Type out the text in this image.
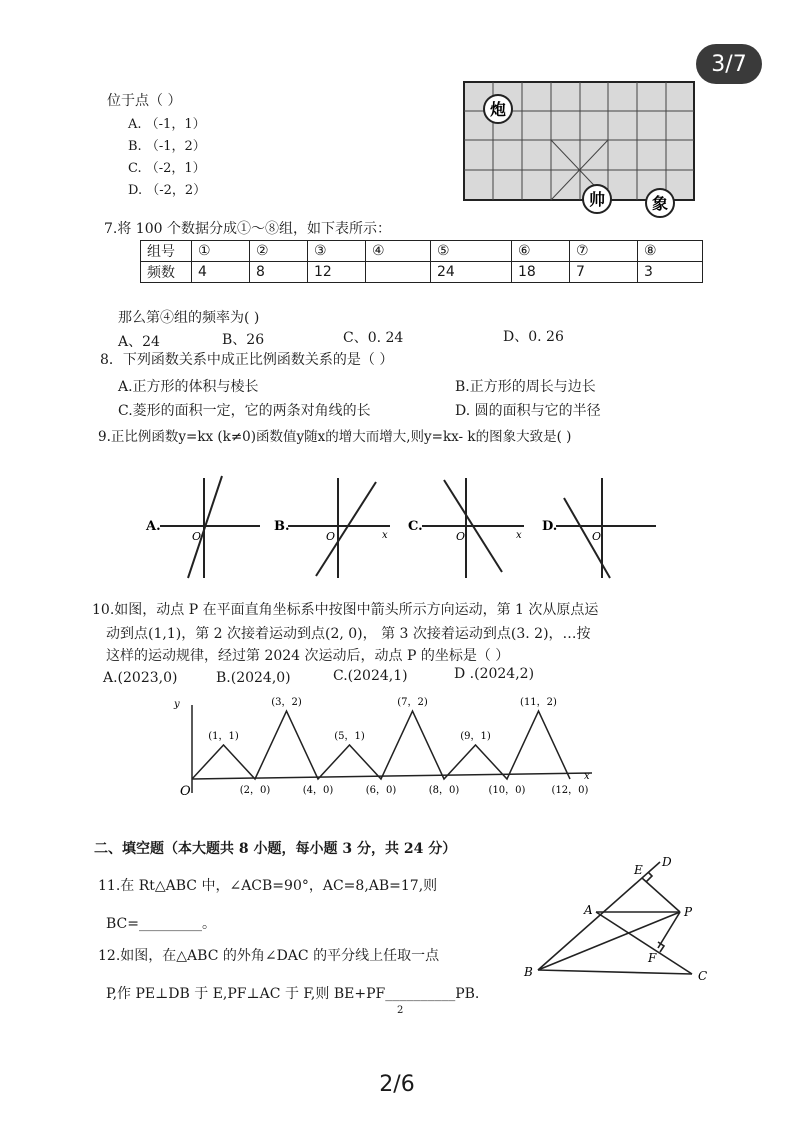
3/7
位于点（ ）
A. （-1，1）
B. （-1，2）
C. （-2，1）
D. （-2，2）
炮
帅	象
7.将 100 个数据分成①～⑧组，如下表所示：
组号	①	②	③	④	⑤	⑥	⑦	⑧
频数	4	8	12		24	18	7	3
那么第④组的频率为( )
A、24	B、26	C、0. 24	D、0. 26
8．下列函数关系中成正比例函数关系的是（ ）
A.正方形的体积与棱长	B.正方形的周长与边长
C.菱形的面积一定，它的两条对角线的长	D. 圆的面积与它的半径
9.正比例函数y=kx (k≠0)函数值y随x的增大而增大,则y=kx- k的图象大致是( )
A.
O
B.
O	x
C.
O	x
D.
O
10.如图，动点 P 在平面直角坐标系中按图中箭头所示方向运动，第 1 次从原点运
动到点(1,1)，第 2 次接着运动到点(2, 0)， 第 3 次接着运动到点(3. 2)，…按
这样的运动规律，经过第 2024 次运动后，动点 P 的坐标是（ ）
A.(2023,0)	B.(2024,0)	C.(2024,1)	D .(2024,2)
O
x
y
(1，1)
(2，0)
(3，2)
(4，0)
(5，1)
(6，0)
(7，2)
(8，0)
(9，1)
(10，0)
(11，2)
(12，0)
二、填空题（本大题共 8 小题，每小题 3 分，共 24 分）
11.在 Rt△ABC 中，∠ACB=90°，AC=8,AB=17,则
BC=_________。
12.如图，在△ABC 的外角∠DAC 的平分线上任取一点
P,作 PE⊥DB 于 E,PF⊥AC 于 F,则 BE+PF__________PB.
E
D
A	P
F
B	C
2
2/6
